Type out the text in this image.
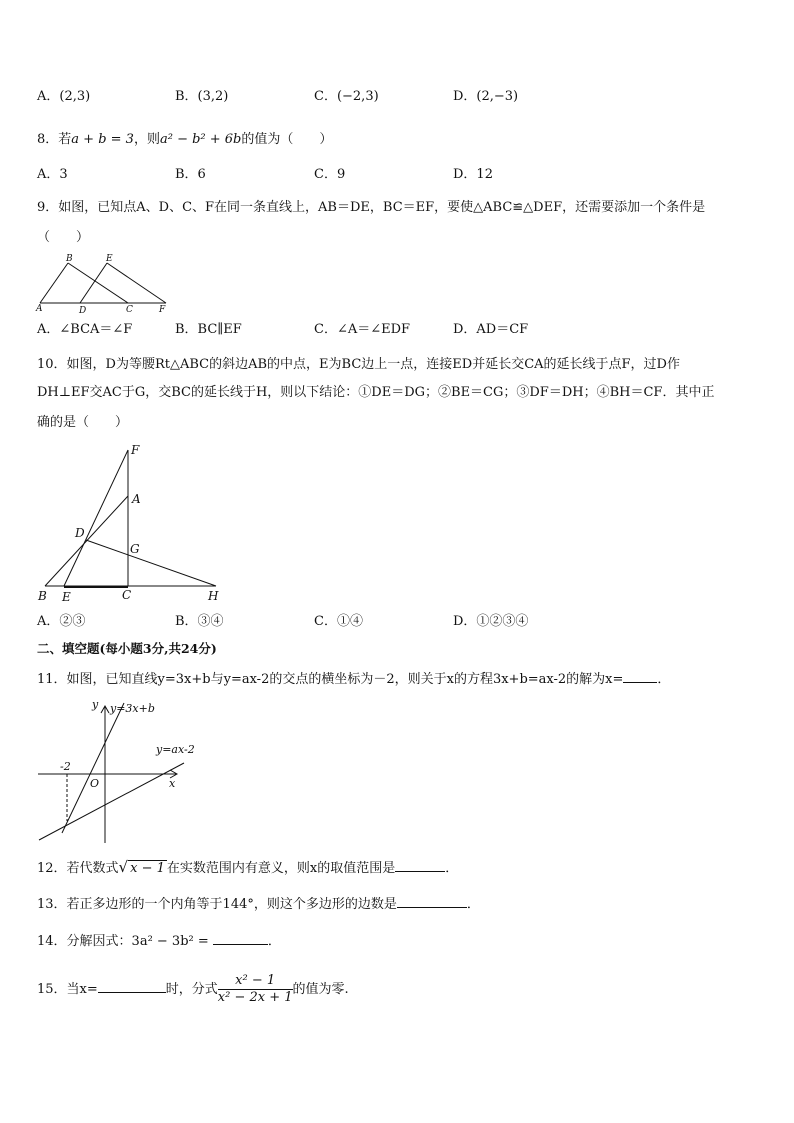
A．(2,3)	B．(3,2)	C．(−2,3)	D．(2,−3)
8．若a + b = 3，则a² − b² + 6b的值为（　　）
A．3	B．6	C．9	D．12
9．如图，已知点A、D、C、F在同一条直线上，AB＝DE，BC＝EF，要使△ABC≌△DEF，还需要添加一个条件是
（　　）
A
B
D
E
C	F
A．∠BCA＝∠F	B．BC∥EF	C．∠A＝∠EDF	D．AD＝CF
10．如图，D为等腰Rt△ABC的斜边AB的中点，E为BC边上一点，连接ED并延长交CA的延长线于点F，过D作
DH⊥EF交AC于G，交BC的延长线于H，则以下结论：①DE＝DG；②BE＝CG；③DF＝DH；④BH＝CF．其中正
确的是（　　）
F
A
D
G
B E	C	H
A．②③	B．③④	C．①④	D．①②③④
二、填空题(每小题3分,共24分)
11．如图，已知直线y=3x+b与y=ax-2的交点的横坐标为－2，则关于x的方程3x+b=ax-2的解为x=	．
y y=3x+b
y=ax-2
-2
O	x
12．若代数式√ x − 1 在实数范围内有意义，则x的取值范围是	．
13．若正多边形的一个内角等于144°，则这个多边形的边数是	．
14．分解因式：3a² − 3b² =	．
15．当x=	时，分式 $\frac{\text{x² − 1}}{\text{x² − 2x + 1}}$ 的值为零.
